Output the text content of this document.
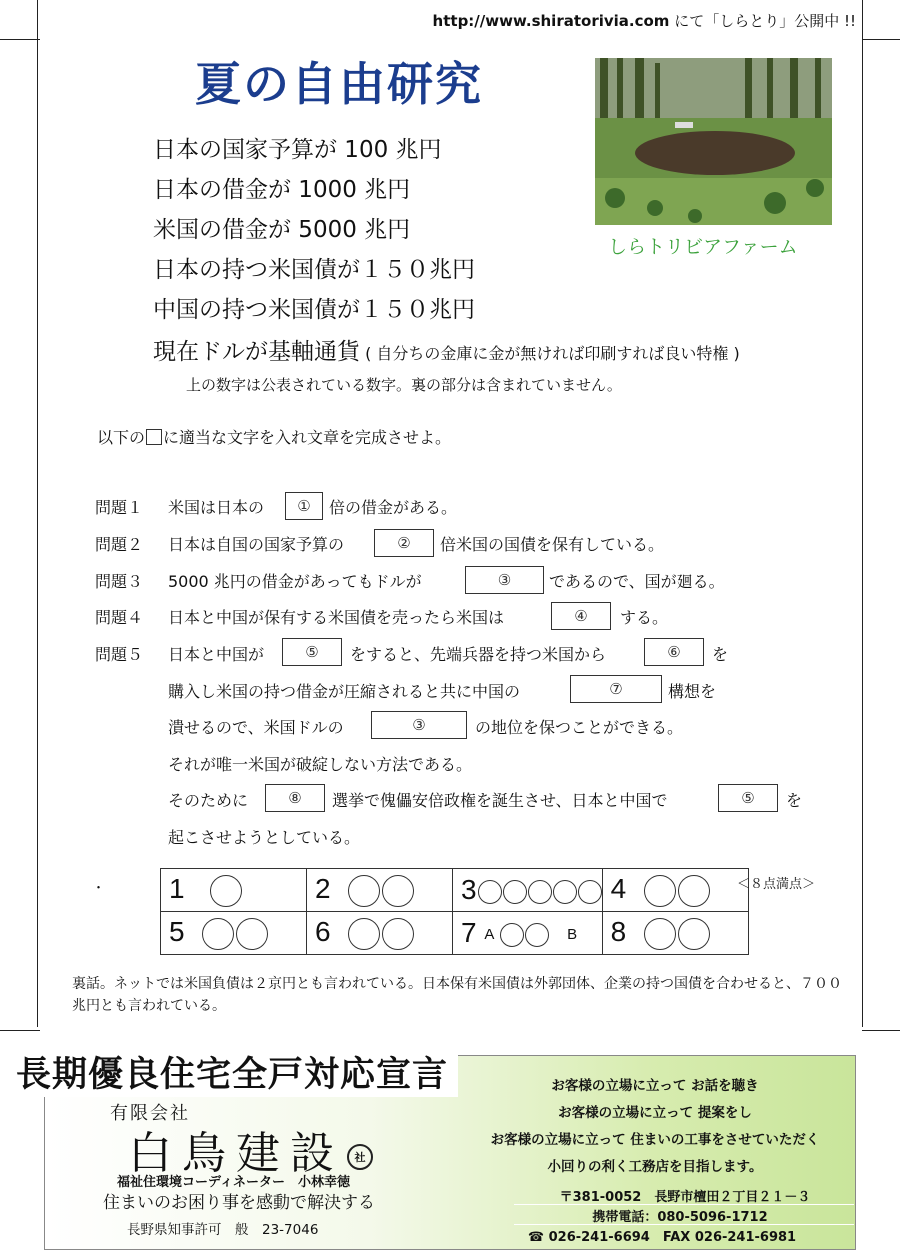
http://www.shiratorivia.com にて「しらとり」公開中 !!
夏の自由研究
しらトリビアファーム
日本の国家予算が 100 兆円
日本の借金が 1000 兆円
米国の借金が 5000 兆円
日本の持つ米国債が１５０兆円
中国の持つ米国債が１５０兆円
現在ドルが基軸通貨 ( 自分ちの金庫に金が無ければ印刷すれば良い特権 )
上の数字は公表されている数字。裏の部分は含まれていません。
以下の に適当な文字を入れ文章を完成させよ。
問題１ 米国は日本の	①	倍の借金がある。
問題２ 日本は自国の国家予算の	②	倍米国の国債を保有している。
問題３ 5000 兆円の借金があってもドルが	③	であるので、国が廻る。
問題４ 日本と中国が保有する米国債を売ったら米国は	④	する。
問題５ 日本と中国が	⑤	をすると、先端兵器を持つ米国から	⑥	を
購入し米国の持つ借金が圧縮されると共に中国の	⑦	構想を
潰せるので、米国ドルの	③	の地位を保つことができる。
それが唯一米国が破綻しない方法である。
そのために	⑧	選挙で傀儡安倍政権を誕生させ、日本と中国で	⑤	を
起こさせようとしている。
・ 1	2	3	4
5	6	7 A B	8
＜８点満点＞
裏話。ネットでは米国負債は２京円とも言われている。日本保有米国債は外郭団体、企業の持つ国債を合わせると、７００兆円とも言われている。
長期優良住宅全戸対応宣言	お客様の立場に立って お話を聴き
お客様の立場に立って 提案をし
お客様の立場に立って 住まいの工事をさせていただく
小回りの利く工務店を目指します。
有限会社
白鳥建設 社
福祉住環境コーディネーター　小林幸徳
住まいのお困り事を感動で解決する
長野県知事許可　般　23-7046
〒381-0052　長野市檀田２丁目２１－３
携帯電話：080-5096-1712
☎ 026-241-6694　FAX 026-241-6981
